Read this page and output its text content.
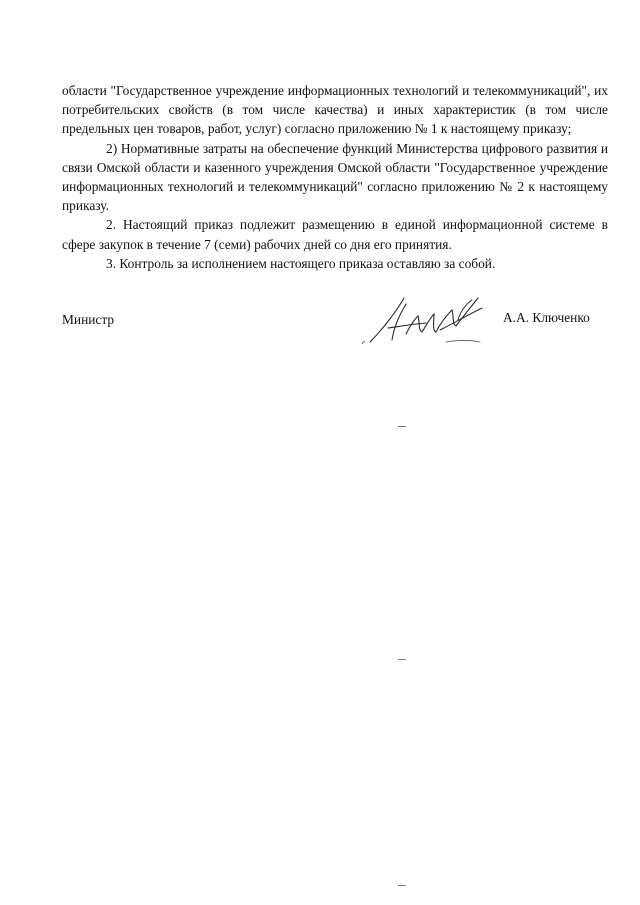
области "Государственное учреждение информационных технологий и телекоммуникаций", их потребительских свойств (в том числе качества) и иных характеристик (в том числе предельных цен товаров, работ, услуг) согласно приложению № 1 к настоящему приказу;

2) Нормативные затраты на обеспечение функций Министерства цифрового развития и связи Омской области и казенного учреждения Омской области "Государственное учреждение информационных технологий и телекоммуникаций" согласно приложению № 2 к настоящему приказу.

2. Настоящий приказ подлежит размещению в единой информационной системе в сфере закупок в течение 7 (семи) рабочих дней со дня его принятия.

3. Контроль за исполнением настоящего приказа оставляю за собой.

Министр	А.А. Ключенко
